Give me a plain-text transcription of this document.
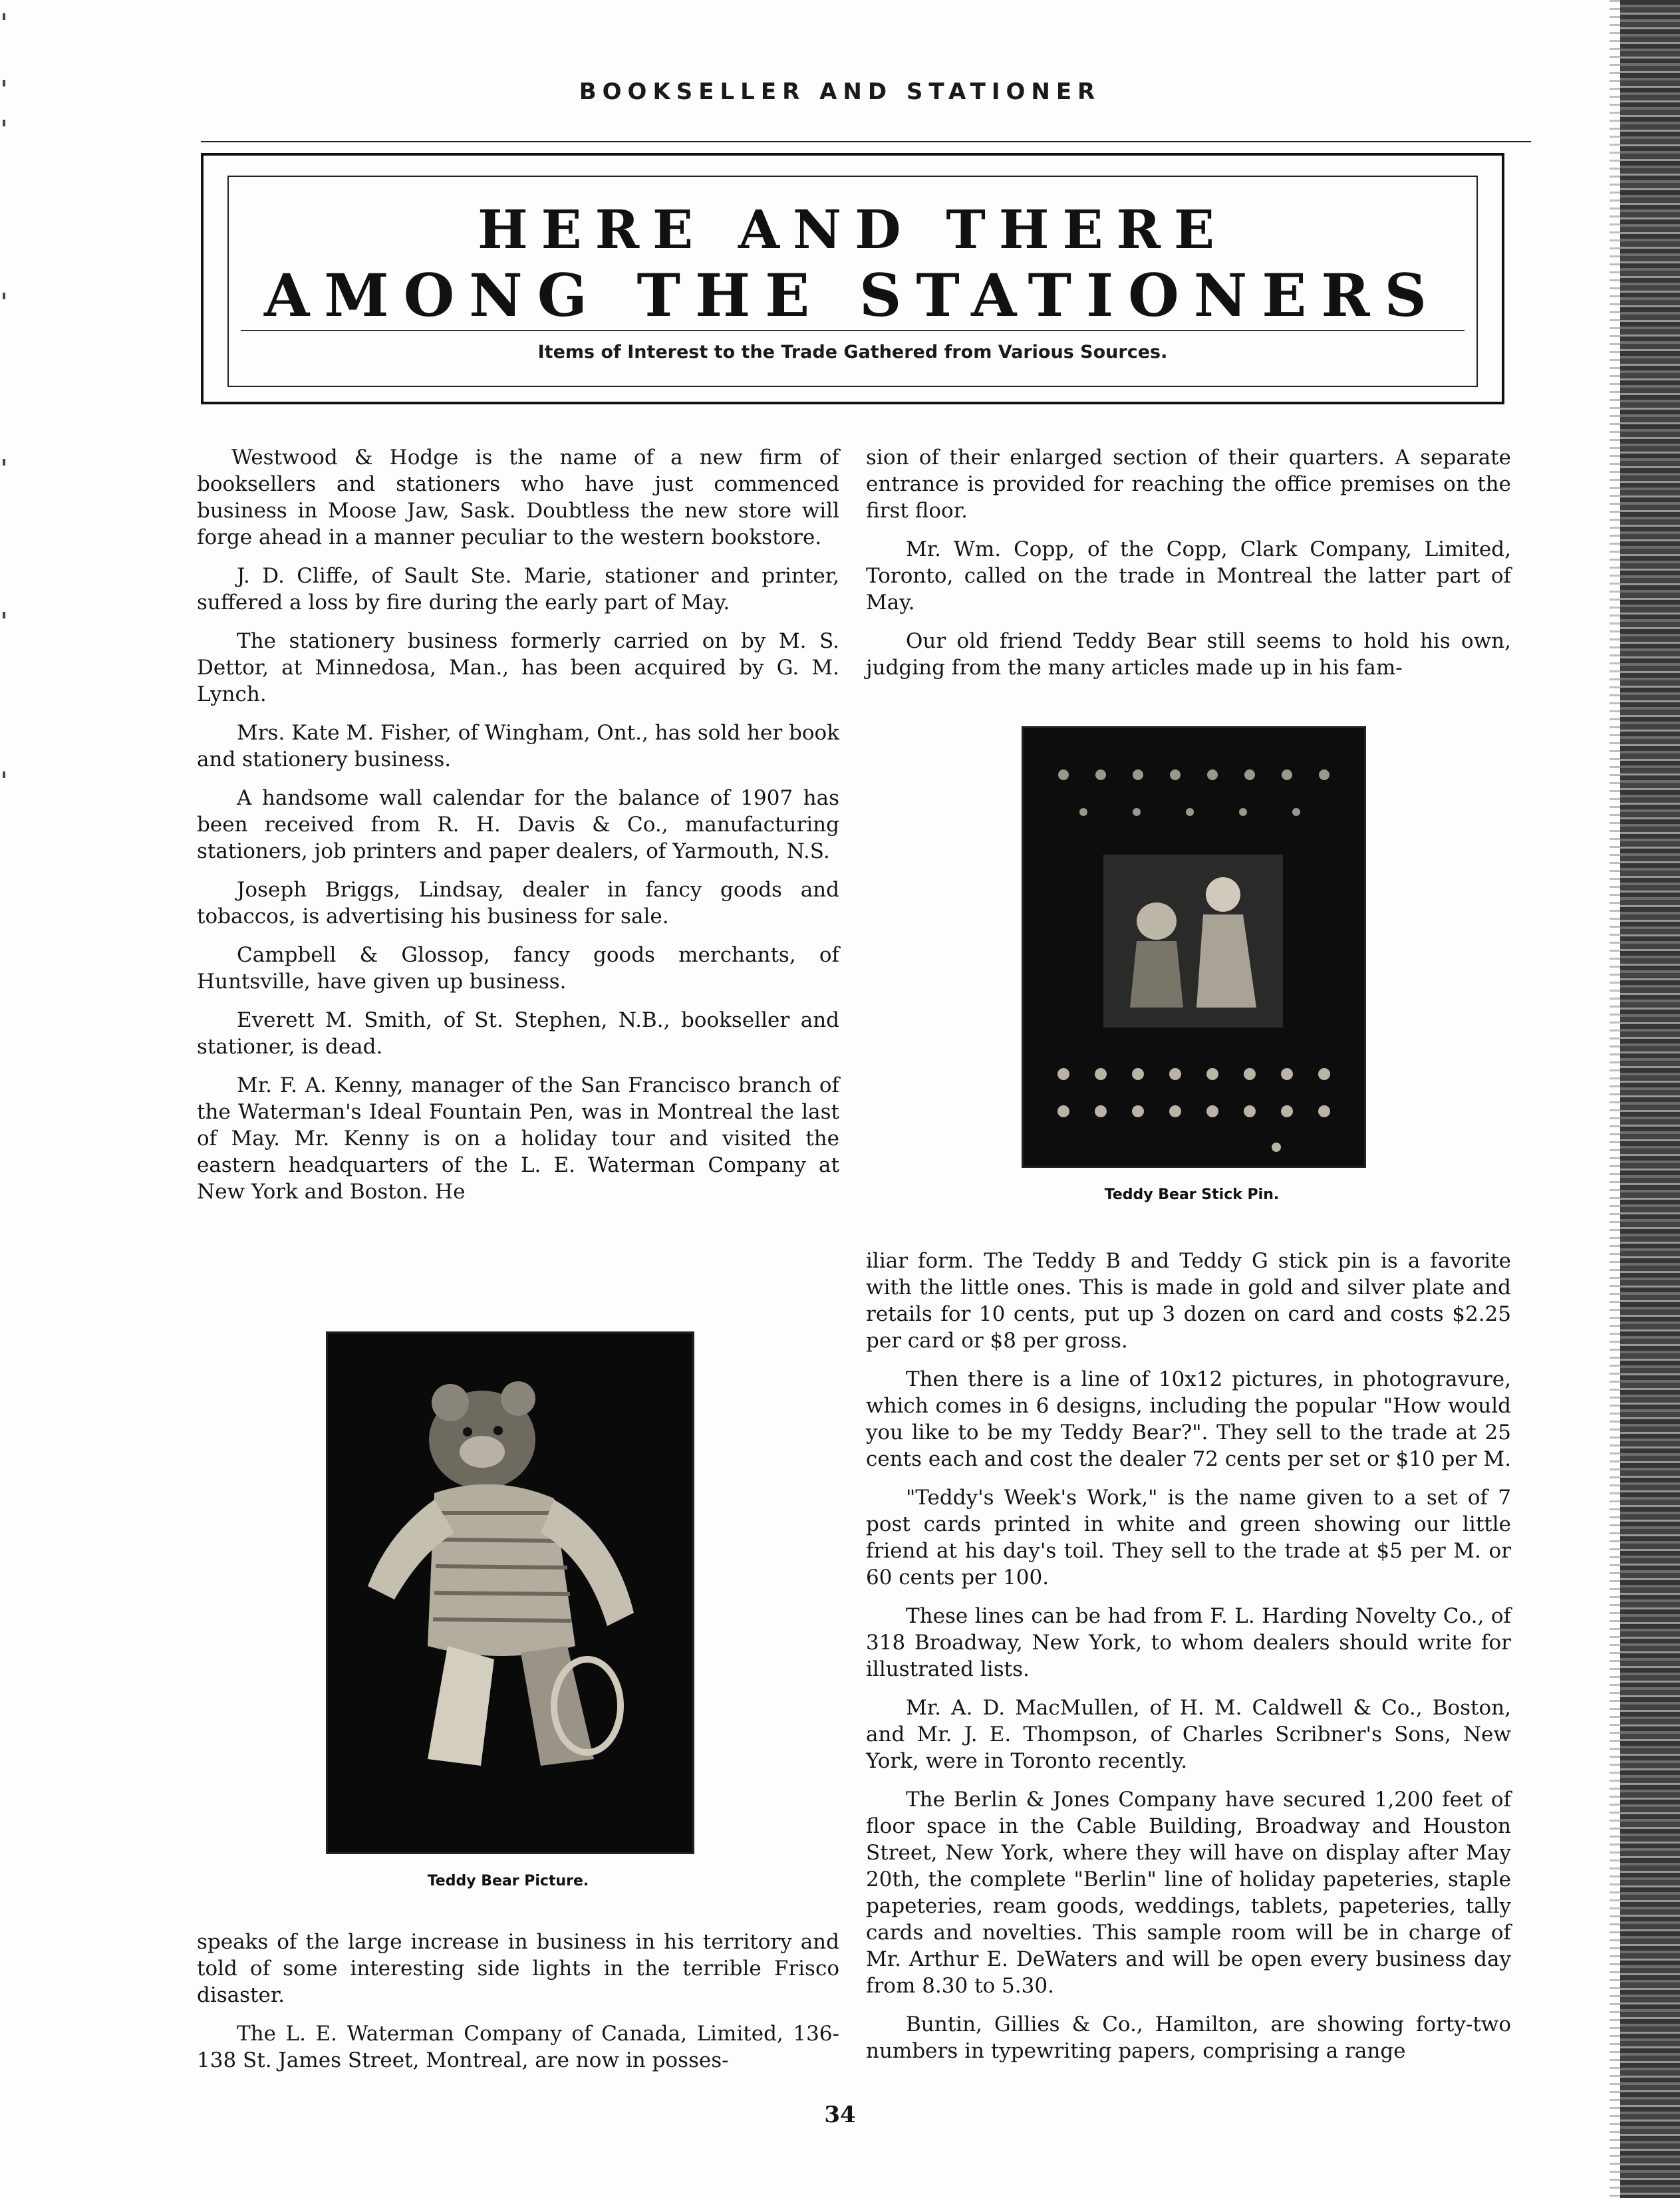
BOOKSELLER AND STATIONER
HERE AND THERE
AMONG THE STATIONERS
Items of Interest to the Trade Gathered from Various Sources.

Westwood & Hodge is the name of a new firm of booksellers and stationers who have just commenced business in Moose Jaw, Sask. Doubtless the new store will forge ahead in a manner peculiar to the western bookstore.

J. D. Cliffe, of Sault Ste. Marie, stationer and printer, suffered a loss by fire during the early part of May.

The stationery business formerly carried on by M. S. Dettor, at Minnedosa, Man., has been acquired by G. M. Lynch.

Mrs. Kate M. Fisher, of Wingham, Ont., has sold her book and stationery business.

A handsome wall calendar for the balance of 1907 has been received from R. H. Davis & Co., manufacturing stationers, job printers and paper dealers, of Yarmouth, N.S.

Joseph Briggs, Lindsay, dealer in fancy goods and tobaccos, is advertising his business for sale.

Campbell & Glossop, fancy goods merchants, of Huntsville, have given up business.

Everett M. Smith, of St. Stephen, N.B., bookseller and stationer, is dead.

Mr. F. A. Kenny, manager of the San Francisco branch of the Waterman's Ideal Fountain Pen, was in Montreal the last of May. Mr. Kenny is on a holiday tour and visited the eastern headquarters of the L. E. Waterman Company at New York and Boston. He

Teddy Bear Picture.

speaks of the large increase in business in his territory and told of some interesting side lights in the terrible Frisco disaster.

The L. E. Waterman Company of Canada, Limited, 136-138 St. James Street, Montreal, are now in posses-

sion of their enlarged section of their quarters. A separate entrance is provided for reaching the office premises on the first floor.

Mr. Wm. Copp, of the Copp, Clark Company, Limited, Toronto, called on the trade in Montreal the latter part of May.

Our old friend Teddy Bear still seems to hold his own, judging from the many articles made up in his fam-

Teddy Bear Stick Pin.

iliar form. The Teddy B and Teddy G stick pin is a favorite with the little ones. This is made in gold and silver plate and retails for 10 cents, put up 3 dozen on card and costs $2.25 per card or $8 per gross.

Then there is a line of 10x12 pictures, in photogravure, which comes in 6 designs, including the popular "How would you like to be my Teddy Bear?". They sell to the trade at 25 cents each and cost the dealer 72 cents per set or $10 per M.

"Teddy's Week's Work," is the name given to a set of 7 post cards printed in white and green showing our little friend at his day's toil. They sell to the trade at $5 per M. or 60 cents per 100.

These lines can be had from F. L. Harding Novelty Co., of 318 Broadway, New York, to whom dealers should write for illustrated lists.

Mr. A. D. MacMullen, of H. M. Caldwell & Co., Boston, and Mr. J. E. Thompson, of Charles Scribner's Sons, New York, were in Toronto recently.

The Berlin & Jones Company have secured 1,200 feet of floor space in the Cable Building, Broadway and Houston Street, New York, where they will have on display after May 20th, the complete "Berlin" line of holiday papeteries, staple papeteries, ream goods, weddings, tablets, papeteries, tally cards and novelties. This sample room will be in charge of Mr. Arthur E. DeWaters and will be open every business day from 8.30 to 5.30.

Buntin, Gillies & Co., Hamilton, are showing forty-two numbers in typewriting papers, comprising a range

34
